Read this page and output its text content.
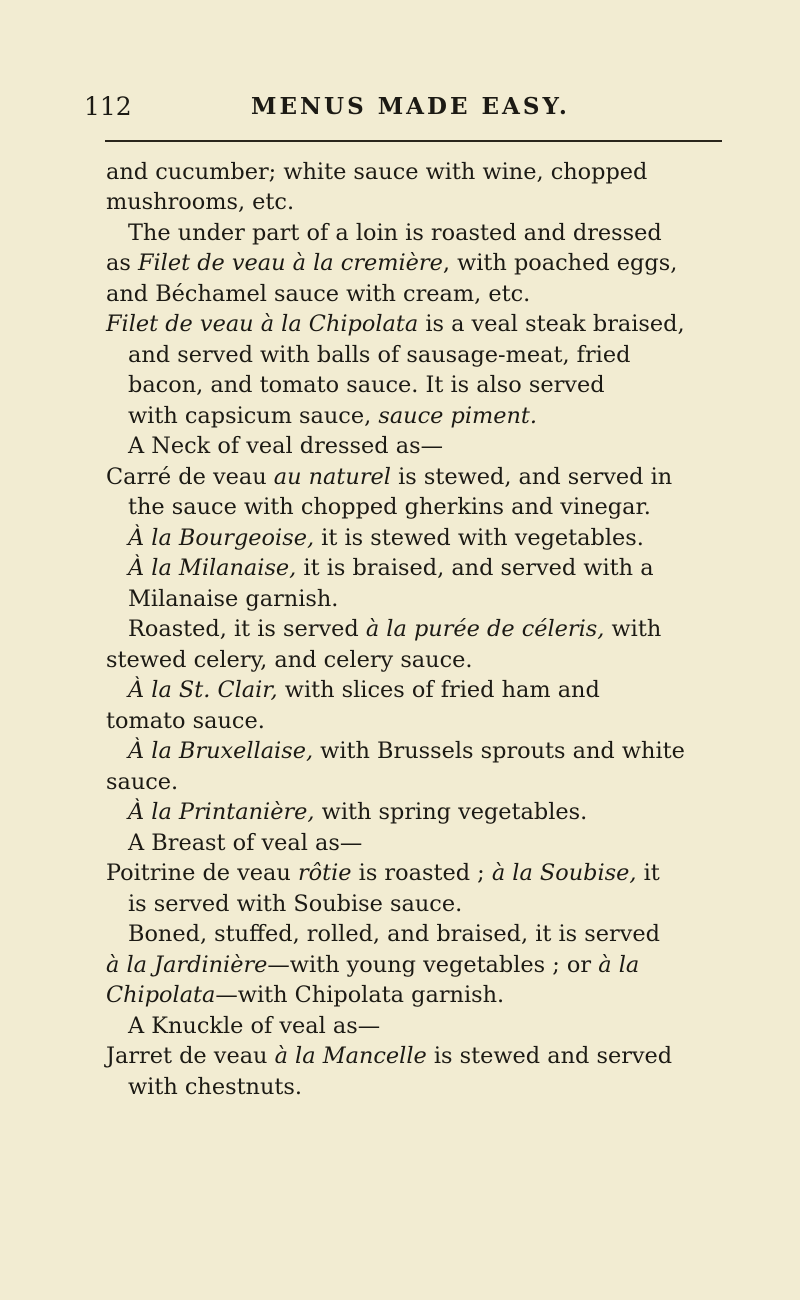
112	MENUS MADE EASY.
and cucumber; white sauce with wine, chopped
mushrooms, etc.
The under part of a loin is roasted and dressed
as Filet de veau à la cremière, with poached eggs,
and Béchamel sauce with cream, etc.
Filet de veau à la Chipolata is a veal steak braised,
and served with balls of sausage-meat, fried
bacon, and tomato sauce. It is also served
with capsicum sauce, sauce piment.
A Neck of veal dressed as—
Carré de veau au naturel is stewed, and served in
the sauce with chopped gherkins and vinegar.
À la Bourgeoise, it is stewed with vegetables.
À la Milanaise, it is braised, and served with a
Milanaise garnish.
Roasted, it is served à la purée de céleris, with
stewed celery, and celery sauce.
À la St. Clair, with slices of fried ham and
tomato sauce.
À la Bruxellaise, with Brussels sprouts and white
sauce.
À la Printanière, with spring vegetables.
A Breast of veal as—
Poitrine de veau rôtie is roasted ; à la Soubise, it
is served with Soubise sauce.
Boned, stuffed, rolled, and braised, it is served
à la Jardinière—with young vegetables ; or à la
Chipolata—with Chipolata garnish.
A Knuckle of veal as—
Jarret de veau à la Mancelle is stewed and served
with chestnuts.
